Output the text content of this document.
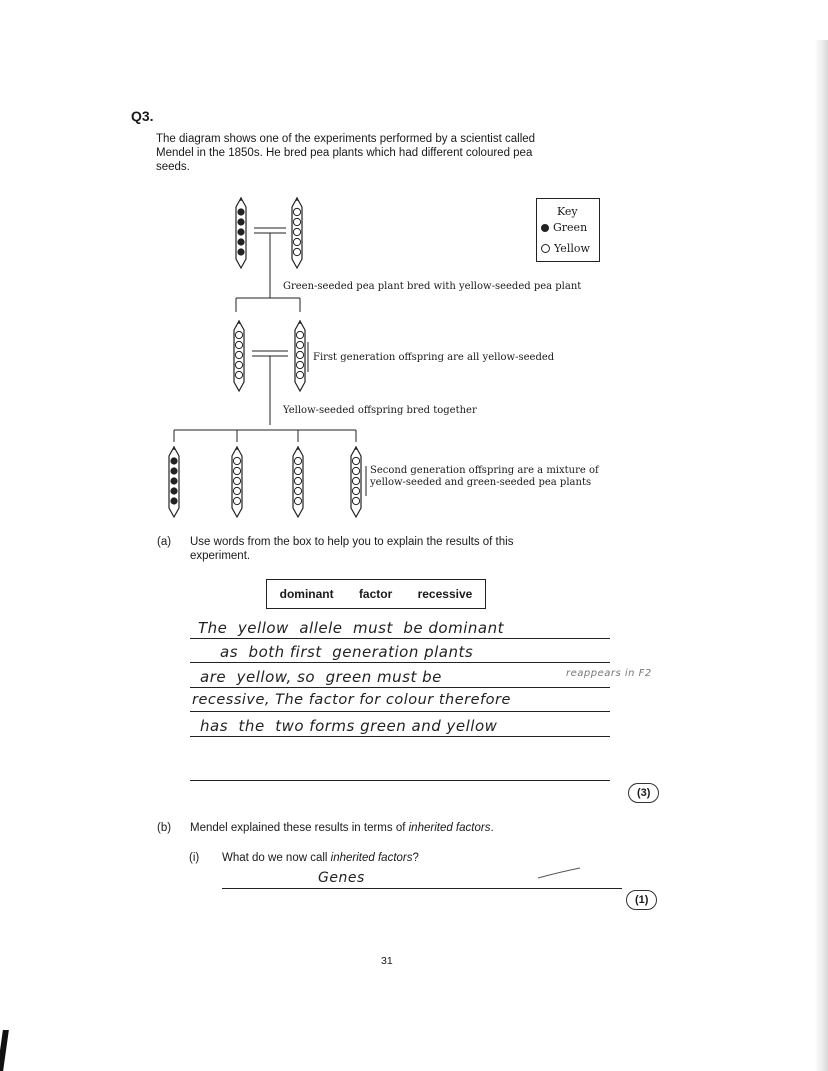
Q3.
The diagram shows one of the experiments performed by a scientist called
Mendel in the 1850s. He bred pea plants which had different coloured pea
seeds.
Key
Green
Yellow
Green-seeded pea plant bred with yellow-seeded pea plant
First generation offspring are all yellow-seeded
Yellow-seeded offspring bred together
Second generation offspring are a mixture of
yellow-seeded and green-seeded pea plants
(a) Use words from the box to help you to explain the results of this
experiment.
dominant factor recessive
The  yellow  allele  must  be dominant
as  both first  generation plants
are  yellow, so  green must be	reappears in F2
recessive, The factor for colour therefore
has  the  two forms green and yellow
(3)
(b) Mendel explained these results in terms of inherited factors.
(i) What do we now call inherited factors?
Genes
(1)
31
